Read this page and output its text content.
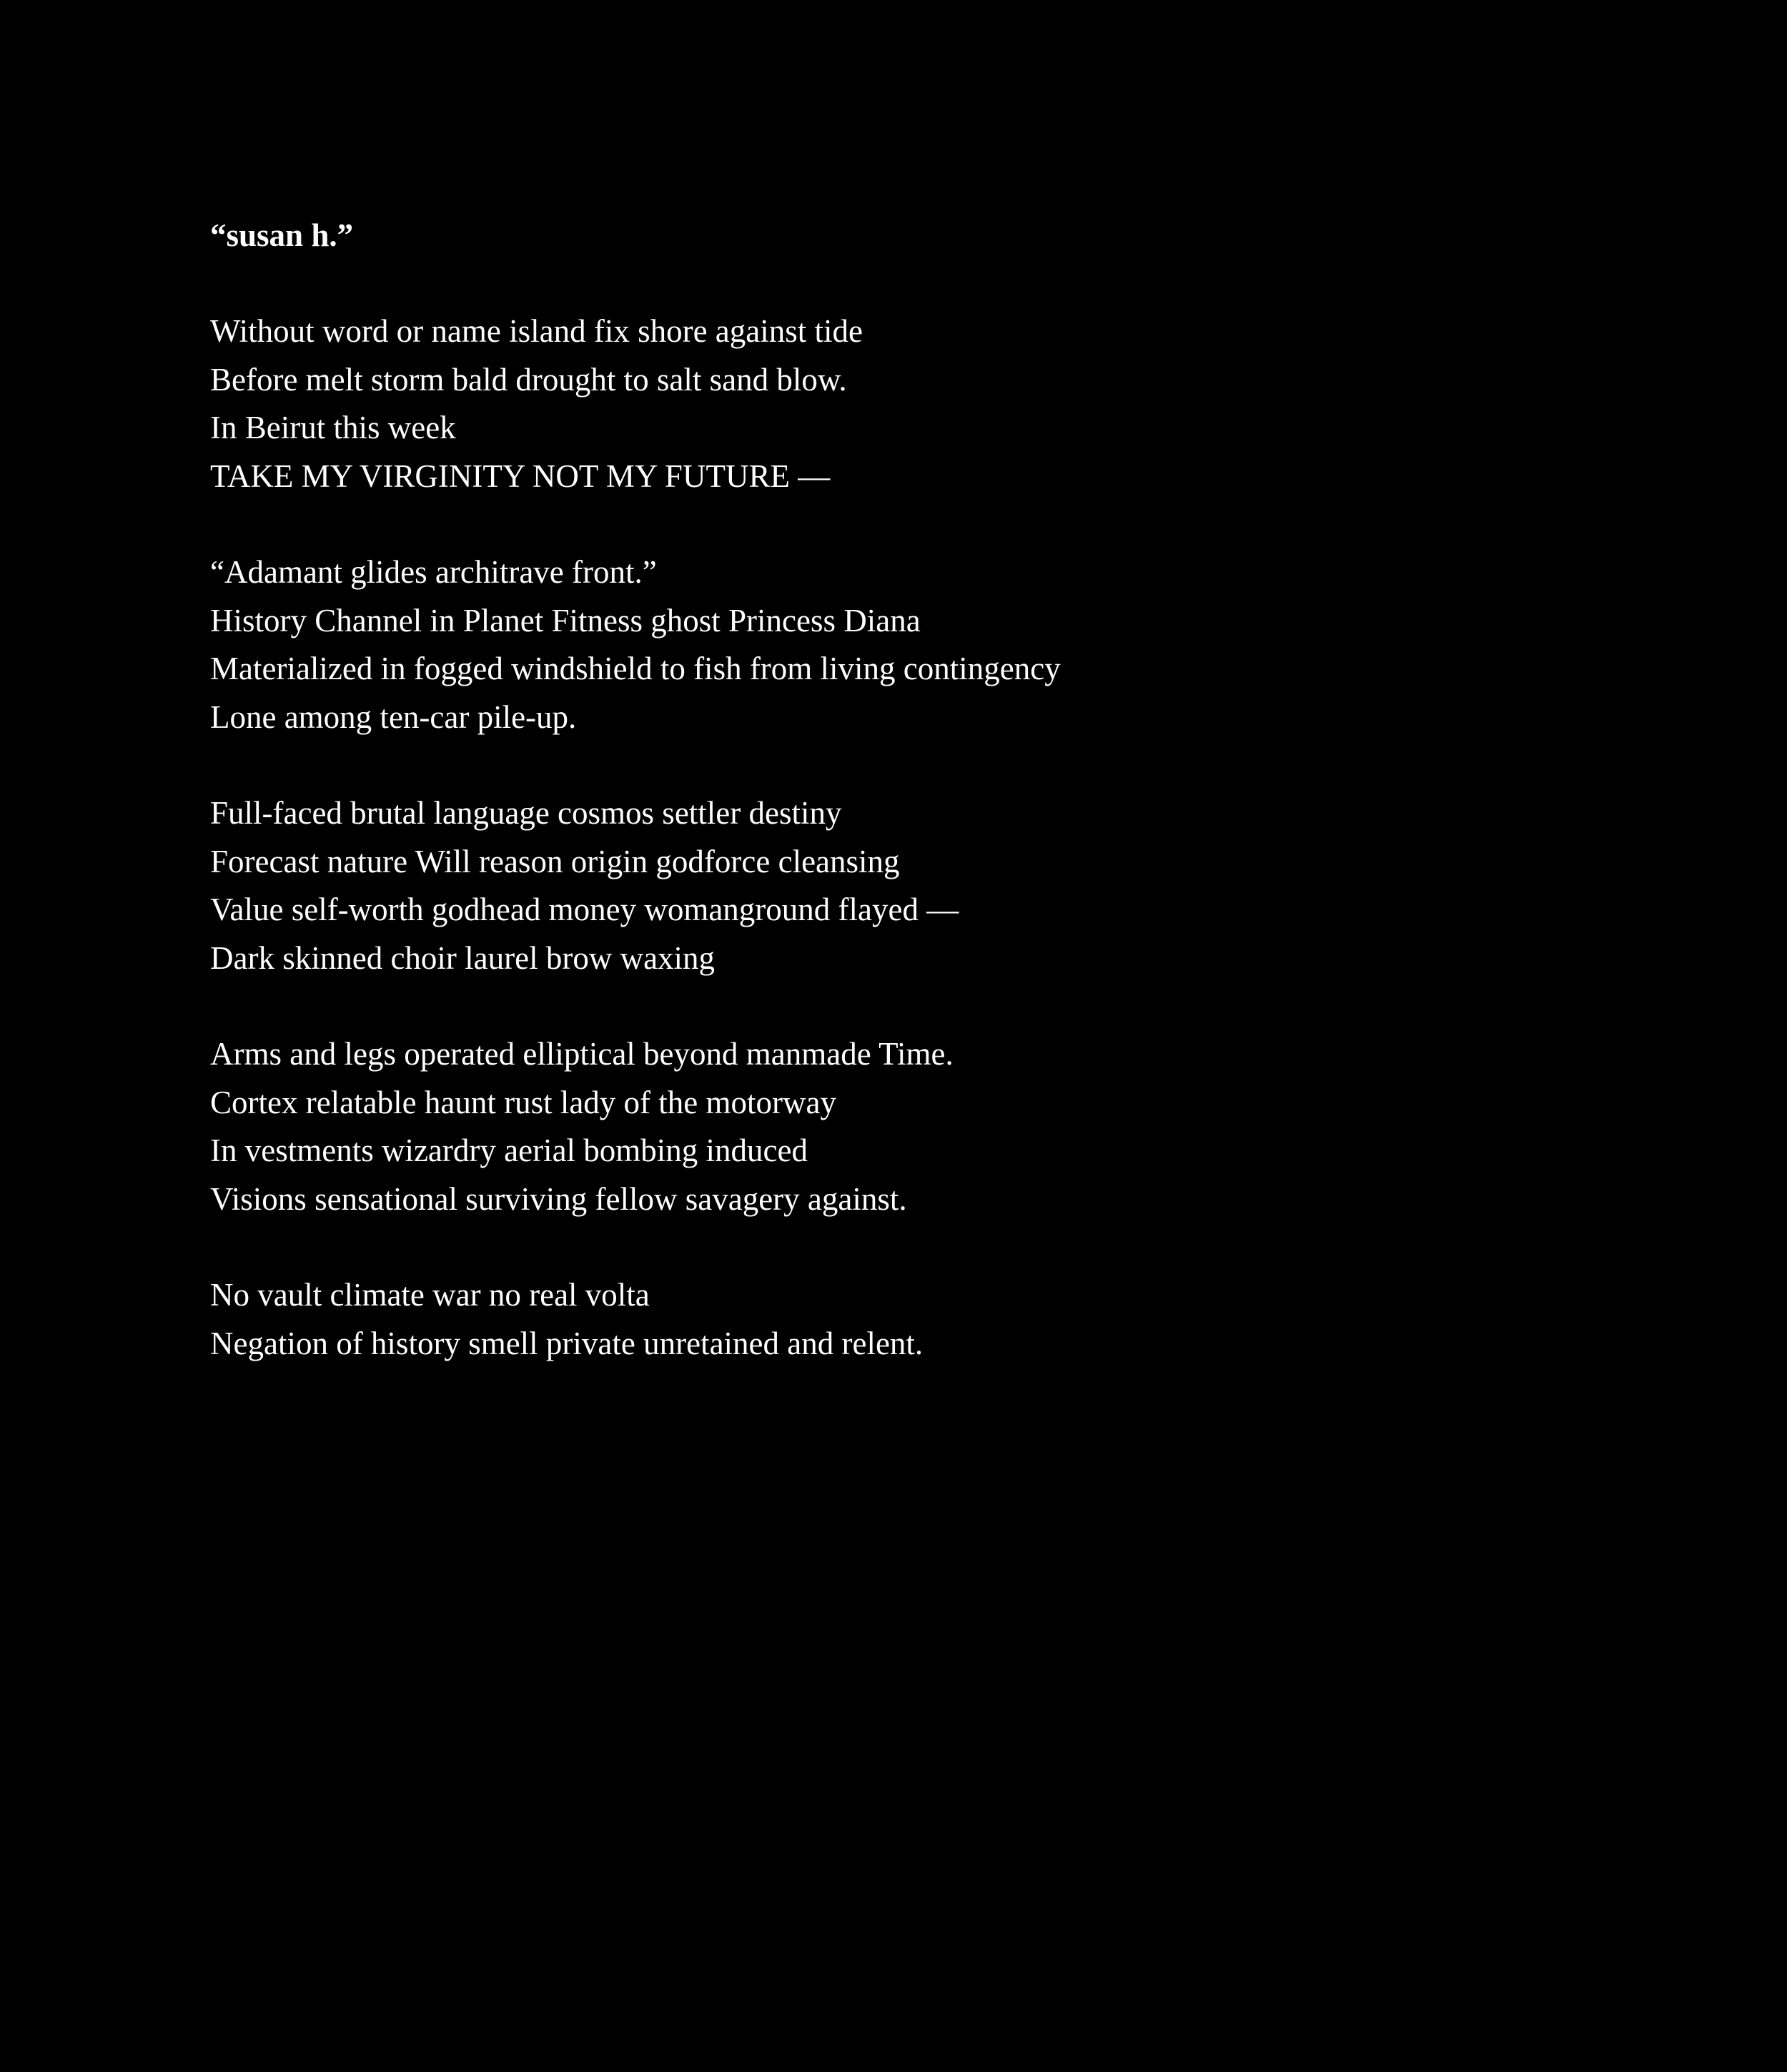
“susan h.”
Without word or name island fix shore against tide
Before melt storm bald drought to salt sand blow.
In Beirut this week
TAKE MY VIRGINITY NOT MY FUTURE —
“Adamant glides architrave front.”
History Channel in Planet Fitness ghost Princess Diana
Materialized in fogged windshield to fish from living contingency
Lone among ten-car pile-up.
Full-faced brutal language cosmos settler destiny
Forecast nature Will reason origin godforce cleansing
Value self-worth godhead money womanground flayed —
Dark skinned choir laurel brow waxing
Arms and legs operated elliptical beyond manmade Time.
Cortex relatable haunt rust lady of the motorway
In vestments wizardry aerial bombing induced
Visions sensational surviving fellow savagery against.
No vault climate war no real volta
Negation of history smell private unretained and relent.
